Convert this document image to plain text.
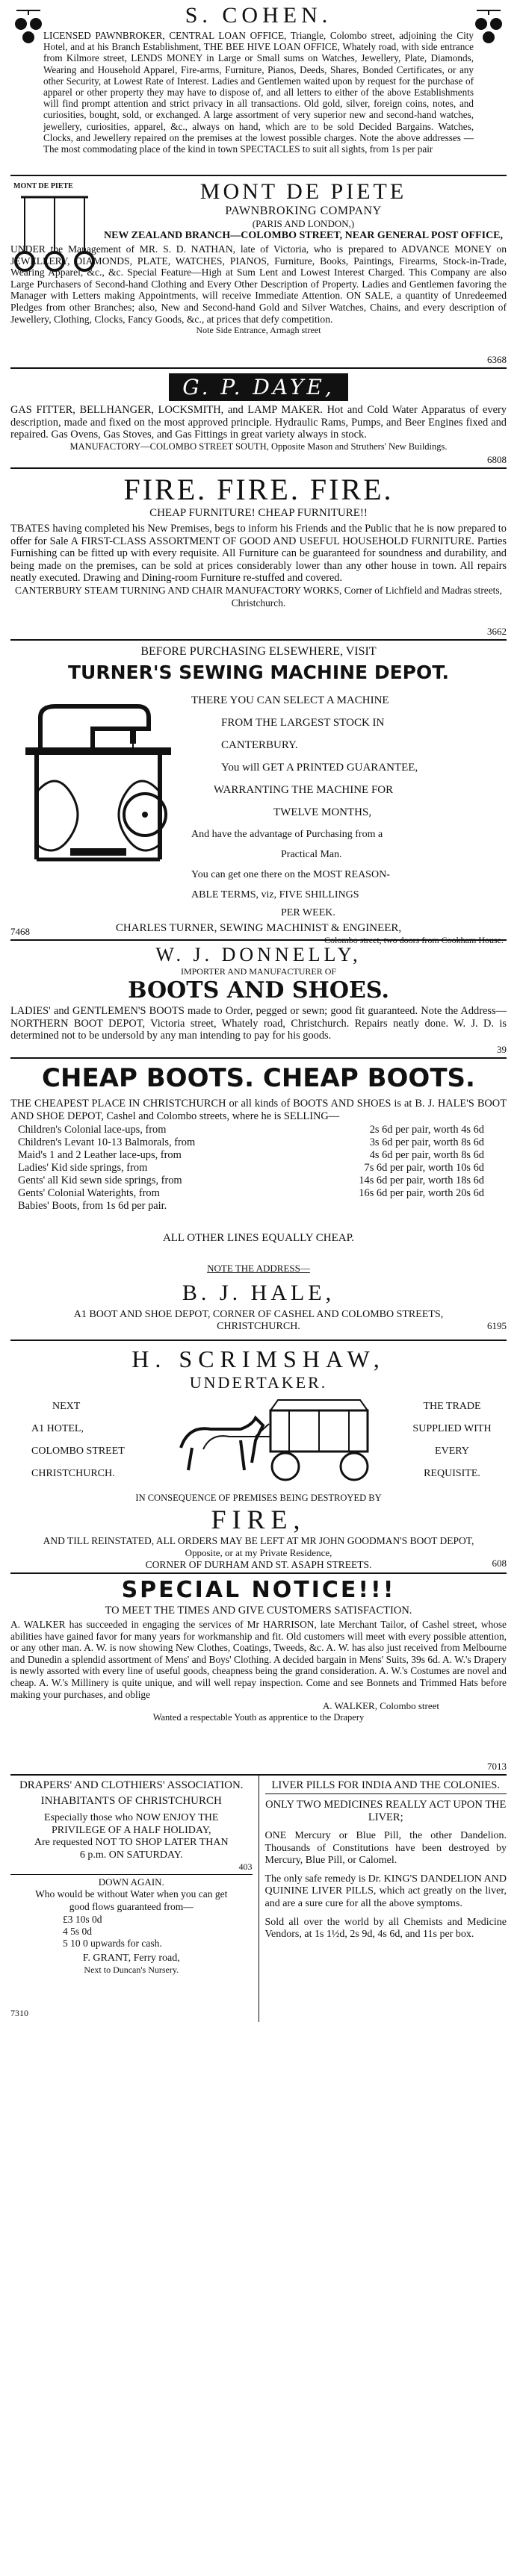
S. COHEN.

LICENSED PAWNBROKER, CENTRAL LOAN OFFICE, Triangle, Colombo street, adjoining the City Hotel, and at his Branch Establishment, THE BEE HIVE LOAN OFFICE, Whately road, with side entrance from Kilmore street, LENDS MONEY in Large or Small sums on Watches, Jewellery, Plate, Diamonds, Wearing and Household Apparel, Fire-arms, Furniture, Pianos, Deeds, Shares, Bonded Certificates, or any other Security, at Lowest Rate of Interest. Ladies and Gentlemen waited upon by request for the purchase of apparel or other property they may have to dispose of, and all letters to either of the above Establishments will find prompt attention and strict privacy in all transactions. Old gold, silver, foreign coins, notes, and curiosities, bought, sold, or exchanged. A large assortment of very superior new and second-hand watches, jewellery, curiosities, apparel, &c., always on hand, which are to be sold Decided Bargains. Watches, Clocks, and Jewellery repaired on the premises at the lowest possible charges. Note the above addresses — The most commodating place of the kind in town SPECTACLES to suit all sights, from 1s per pair

MONT DE PIETE	MONT DE PIETE
PAWNBROKING COMPANY
(PARIS AND LONDON,)
NEW ZEALAND BRANCH—COLOMBO STREET, NEAR GENERAL POST OFFICE,

UNDER the Management of MR. S. D. NATHAN, late of Victoria, who is prepared to ADVANCE MONEY on JEWELLERY, DIAMONDS, PLATE, WATCHES, PIANOS, Furniture, Books, Paintings, Firearms, Stock-in-Trade, Wearing Apparel, &c., &c. Special Feature—High at Sum Lent and Lowest Interest Charged. This Company are also Large Purchasers of Second-hand Clothing and Every Other Description of Property. Ladies and Gentlemen favoring the Manager with Letters making Appointments, will receive Immediate Attention. ON SALE, a quantity of Unredeemed Pledges from other Branches; also, New and Second-hand Gold and Silver Watches, Chains, and every description of Jewellery, Clothing, Clocks, Fancy Goods, &c., at prices that defy competition.

Note Side Entrance, Armagh street
6368
G. P. DAYE,

GAS FITTER, BELLHANGER, LOCKSMITH, and LAMP MAKER. Hot and Cold Water Apparatus of every description, made and fixed on the most approved principle. Hydraulic Rams, Pumps, and Beer Engines fixed and repaired. Gas Ovens, Gas Stoves, and Gas Fittings in great variety always in stock.

MANUFACTORY—COLOMBO STREET SOUTH, Opposite Mason and Struthers' New Buildings.
6808
FIRE. FIRE. FIRE.
CHEAP FURNITURE! CHEAP FURNITURE!!

TBATES having completed his New Premises, begs to inform his Friends and the Public that he is now prepared to offer for Sale A FIRST-CLASS ASSORTMENT OF GOOD AND USEFUL HOUSEHOLD FURNITURE. Parties Furnishing can be fitted up with every requisite. All Furniture can be guaranteed for soundness and durability, and being made on the premises, can be sold at prices considerably lower than any other house in town. All repairs neatly executed. Drawing and Dining-room Furniture re-stuffed and covered.

CANTERBURY STEAM TURNING AND CHAIR MANUFACTORY WORKS, Corner of Lichfield and Madras streets, Christchurch.

3662
BEFORE PURCHASING ELSEWHERE, VISIT
TURNER'S SEWING MACHINE DEPOT.
THERE YOU CAN SELECT A MACHINE
FROM THE LARGEST STOCK IN
CANTERBURY.
You will GET A PRINTED GUARANTEE,
WARRANTING THE MACHINE FOR
TWELVE MONTHS,
And have the advantage of Purchasing from a
Practical Man.
You can get one there on the MOST REASON-
ABLE TERMS, viz, FIVE SHILLINGS
PER WEEK.
CHARLES TURNER, SEWING MACHINIST & ENGINEER,
Colombo street, two doors from Cookham House.
7468
W. J. DONNELLY,
IMPORTER AND MANUFACTURER OF
BOOTS AND SHOES.

LADIES' and GENTLEMEN'S BOOTS made to Order, pegged or sewn; good fit guaranteed. Note the Address—NORTHERN BOOT DEPOT, Victoria street, Whately road, Christchurch. Repairs neatly done. W. J. D. is determined not to be undersold by any man intending to pay for his goods.

39
CHEAP BOOTS. CHEAP BOOTS.

THE CHEAPEST PLACE IN CHRISTCHURCH or all kinds of BOOTS AND SHOES is at B. J. HALE'S BOOT AND SHOE DEPOT, Cashel and Colombo streets, where he is SELLING—

Children's Colonial lace-ups, from	2s 6d per pair, worth 4s 6d
Children's Levant 10-13 Balmorals, from	3s 6d per pair, worth 8s 6d
Maid's 1 and 2 Leather lace-ups, from	4s 6d per pair, worth 8s 6d
Ladies' Kid side springs, from	7s 6d per pair, worth 10s 6d
Gents' all Kid sewn side springs, from	14s 6d per pair, worth 18s 6d
Gents' Colonial Waterights, from	16s 6d per pair, worth 20s 6d
Babies' Boots, from 1s 6d per pair.
ALL OTHER LINES EQUALLY CHEAP.
NOTE THE ADDRESS—
B. J. HALE,
A1 BOOT AND SHOE DEPOT, CORNER OF CASHEL AND COLOMBO STREETS, CHRISTCHURCH.	6195
H. SCRIMSHAW,
UNDERTAKER.
NEXT
A1 HOTEL,
COLOMBO STREET
CHRISTCHURCH.
THE TRADE
SUPPLIED WITH
EVERY
REQUISITE.
IN CONSEQUENCE OF PREMISES BEING DESTROYED BY
FIRE,
AND TILL REINSTATED, ALL ORDERS MAY BE LEFT AT MR JOHN GOODMAN'S BOOT DEPOT,
Opposite, or at my Private Residence,
CORNER OF DURHAM AND ST. ASAPH STREETS.	608
SPECIAL NOTICE!!!
TO MEET THE TIMES AND GIVE CUSTOMERS SATISFACTION.

A. WALKER has succeeded in engaging the services of Mr HARRISON, late Merchant Tailor, of Cashel street, whose abilities have gained favor for many years for workmanship and fit. Old customers will meet with every possible attention, or any other man. A. W. is now showing New Clothes, Coatings, Tweeds, &c. A. W. has also just received from Melbourne and Dunedin a splendid assortment of Mens' and Boys' Clothing. A decided bargain in Mens' Suits, 39s 6d. A. W.'s Drapery is newly assorted with every line of useful goods, cheapness being the grand consideration. A. W.'s Costumes are novel and cheap. A. W.'s Millinery is quite unique, and will well repay inspection. Come and see Bonnets and Trimmed Hats before making your purchases, and oblige

A. WALKER, Colombo street
Wanted a respectable Youth as apprentice to the Drapery
7013
DRAPERS' AND CLOTHIERS' ASSOCIATION.
INHABITANTS OF CHRISTCHURCH

Especially those who NOW ENJOY THE PRIVILEGE OF A HALF HOLIDAY,

Are requested NOT TO SHOP LATER THAN 6 p.m. ON SATURDAY.

403
DOWN AGAIN.

Who would be without Water when you can get good flows guaranteed from—

£3 10s 0d
4 5s 0d
5 10 0 upwards for cash.
F. GRANT, Ferry road,
Next to Duncan's Nursery.
7310
LIVER PILLS FOR INDIA AND THE COLONIES.
ONLY TWO MEDICINES REALLY ACT UPON THE LIVER;

ONE Mercury or Blue Pill, the other Dandelion. Thousands of Constitutions have been destroyed by Mercury, Blue Pill, or Calomel.

The only safe remedy is Dr. KING'S DANDELION AND QUININE LIVER PILLS, which act greatly on the liver, and are a sure cure for all the above symptoms.

Sold all over the world by all Chemists and Medicine Vendors, at 1s 1½d, 2s 9d, 4s 6d, and 11s per box.
